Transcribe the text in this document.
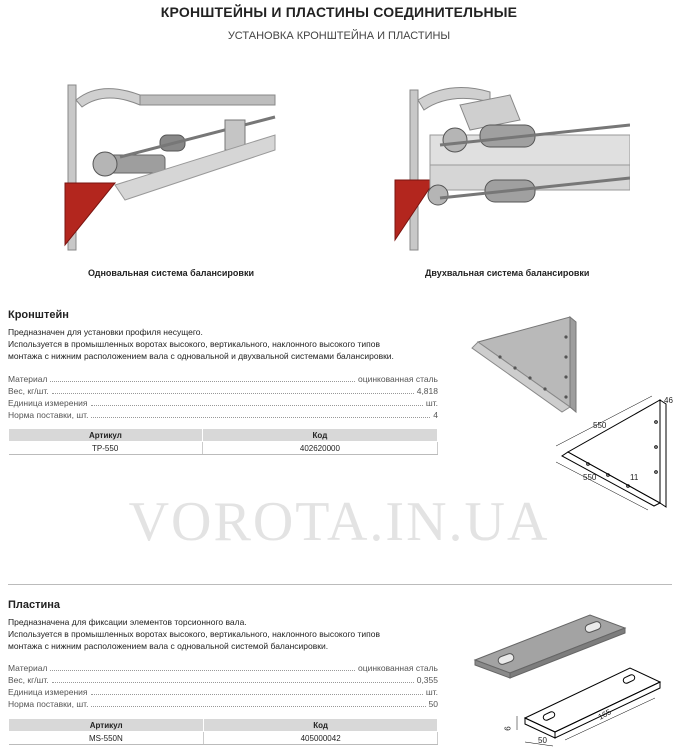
КРОНШТЕЙНЫ И ПЛАСТИНЫ СОЕДИНИТЕЛЬНЫЕ
УСТАНОВКА КРОНШТЕЙНА И ПЛАСТИНЫ
Одновальная система балансировки	Двухвальная система балансировки
Кронштейн
Предназначен для установки профиля несущего.
Используется в промышленных воротах высокого, вертикального, наклонного высокого типов
монтажа с нижним расположением вала с одновальной и двухвальной системами балансировки.
Материал	оцинкованная сталь
Вес, кг/шт.	4,818
Единица измерения	шт.
Норма поставки, шт.	4
Артикул	Код
TP-550	402620000
550
550
46
11
VOROTA.IN.UA
Пластина
Предназначена для фиксации элементов торсионного вала.
Используется в промышленных воротах высокого, вертикального, наклонного высокого типов
монтажа с нижним расположением вала с одновальной системой балансировки.
Материал	оцинкованная сталь
Вес, кг/шт.	0,355
Единица измерения	шт.
Норма поставки, шт.	50
Артикул	Код
MS-550N	405000042
6
50
165
